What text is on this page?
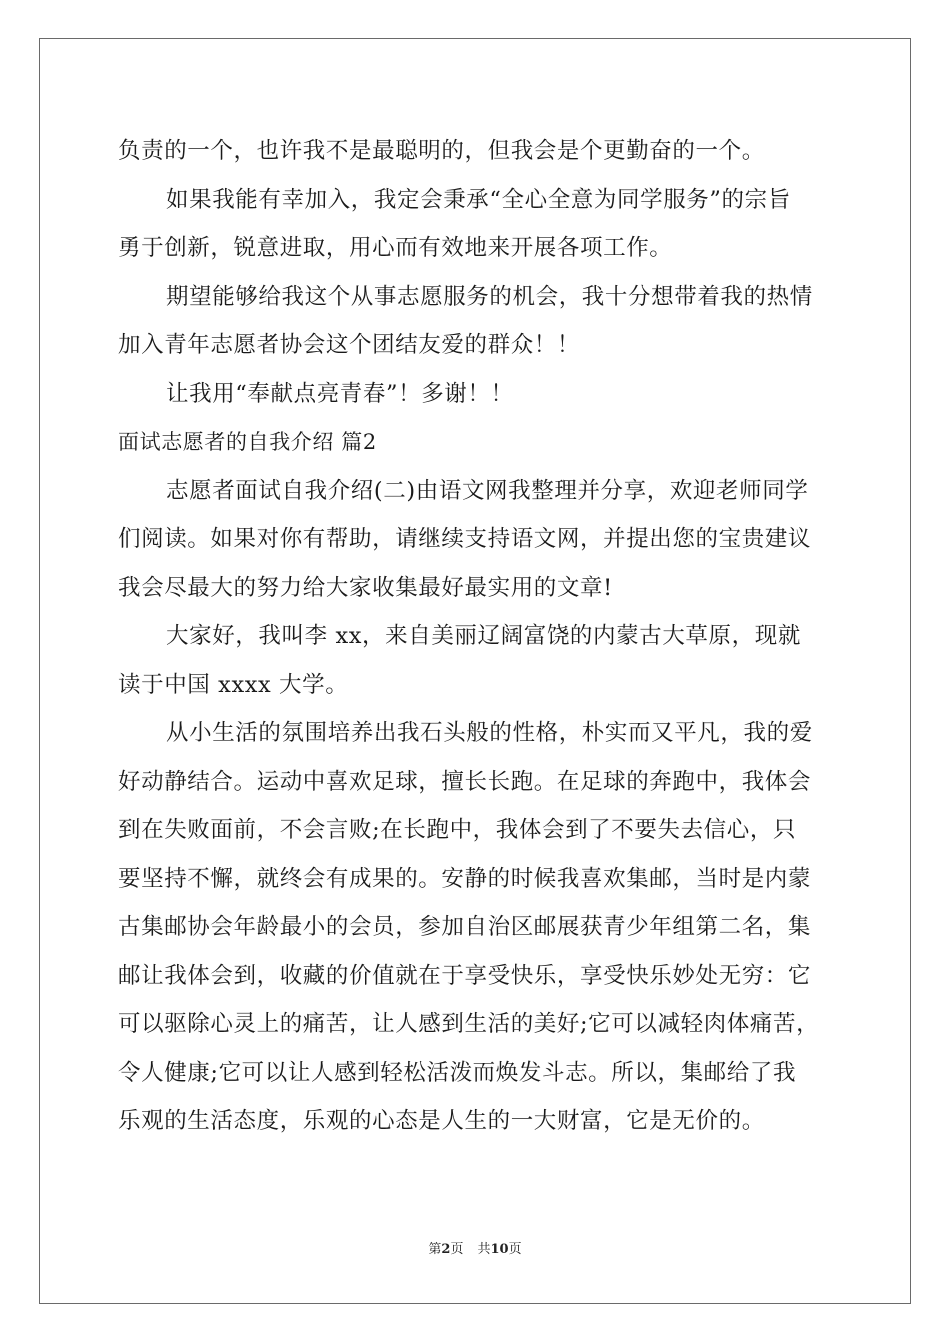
负责的一个，也许我不是最聪明的，但我会是个更勤奋的一个。
如果我能有幸加入，我定会秉承“全心全意为同学服务”的宗旨
勇于创新，锐意进取，用心而有效地来开展各项工作。
期望能够给我这个从事志愿服务的机会，我十分想带着我的热情
加入青年志愿者协会这个团结友爱的群众！！
让我用“奉献点亮青春”！多谢！！
面试志愿者的自我介绍 篇2
志愿者面试自我介绍(二)由语文网我整理并分享，欢迎老师同学
们阅读。如果对你有帮助，请继续支持语文网，并提出您的宝贵建议
我会尽最大的努力给大家收集最好最实用的文章!
大家好，我叫李 xx，来自美丽辽阔富饶的内蒙古大草原，现就
读于中国 xxxx 大学。
从小生活的氛围培养出我石头般的性格，朴实而又平凡，我的爱
好动静结合。运动中喜欢足球，擅长长跑。在足球的奔跑中，我体会
到在失败面前，不会言败;在长跑中，我体会到了不要失去信心，只
要坚持不懈，就终会有成果的。安静的时候我喜欢集邮，当时是内蒙
古集邮协会年龄最小的会员，参加自治区邮展获青少年组第二名，集
邮让我体会到，收藏的价值就在于享受快乐，享受快乐妙处无穷：它
可以驱除心灵上的痛苦，让人感到生活的美好;它可以减轻肉体痛苦，
令人健康;它可以让人感到轻松活泼而焕发斗志。所以，集邮给了我
乐观的生活态度，乐观的心态是人生的一大财富，它是无价的。
第2页 共10页
